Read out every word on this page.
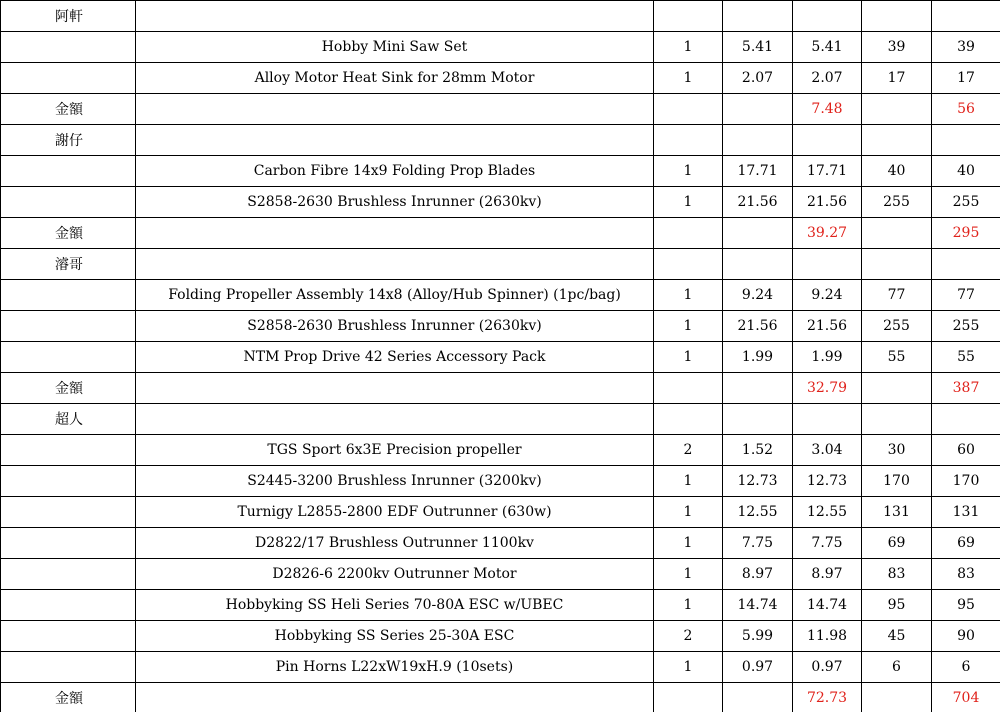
阿軒						
	Hobby Mini Saw Set	1	5.41	5.41	39	39
	Alloy Motor Heat Sink for 28mm Motor	1	2.07	2.07	17	17
金額				7.48		56
謝仔						
	Carbon Fibre 14x9 Folding Prop Blades	1	17.71	17.71	40	40
	S2858-2630 Brushless Inrunner (2630kv)	1	21.56	21.56	255	255
金額				39.27		295
濬哥						
	Folding Propeller Assembly 14x8 (Alloy/Hub Spinner) (1pc/bag)	1	9.24	9.24	77	77
	S2858-2630 Brushless Inrunner (2630kv)	1	21.56	21.56	255	255
	NTM Prop Drive 42 Series Accessory Pack	1	1.99	1.99	55	55
金額				32.79		387
超人						
	TGS Sport 6x3E Precision propeller	2	1.52	3.04	30	60
	S2445-3200 Brushless Inrunner (3200kv)	1	12.73	12.73	170	170
	Turnigy L2855-2800 EDF Outrunner (630w)	1	12.55	12.55	131	131
	D2822/17 Brushless Outrunner 1100kv	1	7.75	7.75	69	69
	D2826-6 2200kv Outrunner Motor	1	8.97	8.97	83	83
	Hobbyking SS Heli Series 70-80A ESC w/UBEC	1	14.74	14.74	95	95
	Hobbyking SS Series 25-30A ESC	2	5.99	11.98	45	90
	Pin Horns L22xW19xH.9 (10sets)	1	0.97	0.97	6	6
金額				72.73		704
